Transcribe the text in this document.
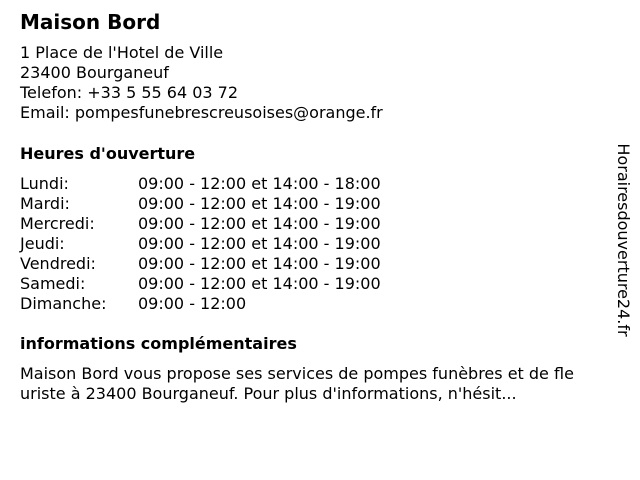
Maison Bord
1 Place de l'Hotel de Ville
23400 Bourganeuf
Telefon: +33 5 55 64 03 72
Email: pompesfunebrescreusoises@orange.fr
Heures d'ouverture
Lundi:	09:00 - 12:00 et 14:00 - 18:00
Mardi:	09:00 - 12:00 et 14:00 - 19:00
Mercredi:	09:00 - 12:00 et 14:00 - 19:00
Jeudi:	09:00 - 12:00 et 14:00 - 19:00
Vendredi:	09:00 - 12:00 et 14:00 - 19:00
Samedi:	09:00 - 12:00 et 14:00 - 19:00
Dimanche:	09:00 - 12:00
informations complémentaires
Maison Bord vous propose ses services de pompes funèbres et de fle
uriste à 23400 Bourganeuf. Pour plus d'informations, n'hésit...
Horairesdouverture24.fr
